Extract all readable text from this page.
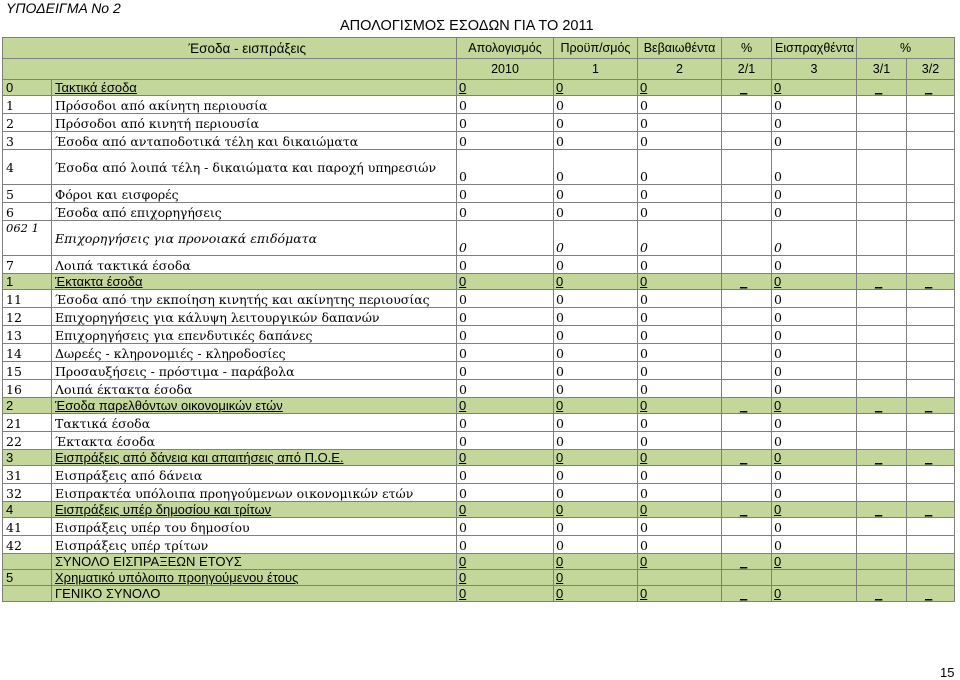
ΥΠΟΔΕΙΓΜΑ Νο 2
ΑΠΟΛΟΓΙΣΜΟΣ ΕΣΟΔΩΝ ΓΙΑ ΤΟ 2011
Έσοδα - εισπράξεις		Απολογισμός	Προϋπ/σμός	Βεβαιωθέντα	%	Εισπραχθέντα	%	
		2010	1	2	2/1	3	3/1	3/2
0	Τακτικά έσοδα	0	0	0	_	0	_	_
1	Πρόσοδοι από ακίνητη περιουσία	0	0	0		0		
2	Πρόσοδοι από κινητή περιουσία	0	0	0		0		
3	Έσοδα από ανταποδοτικά τέλη και δικαιώματα	0	0	0		0		
4	Έσοδα από λοιπά τέλη - δικαιώματα και παροχή υπηρεσιών	0	0	0		0		
5	Φόροι και εισφορές	0	0	0		0		
6	Έσοδα από επιχορηγήσεις	0	0	0		0		
062 1	Επιχορηγήσεις για προνοιακά επιδόματα	0	0	0		0		
7	Λοιπά τακτικά έσοδα	0	0	0		0		
1	Έκτακτα έσοδα	0	0	0	_	0	_	_
11	Έσοδα από την εκποίηση κινητής και ακίνητης περιουσίας	0	0	0		0		
12	Επιχορηγήσεις για κάλυψη λειτουργικών δαπανών	0	0	0		0		
13	Επιχορηγήσεις για επενδυτικές δαπάνες	0	0	0		0		
14	Δωρεές - κληρονομιές - κληροδοσίες	0	0	0		0		
15	Προσαυξήσεις - πρόστιμα - παράβολα	0	0	0		0		
16	Λοιπά έκτακτα έσοδα	0	0	0		0		
2	Έσοδα παρελθόντων οικονομικών ετών	0	0	0	_	0	_	_
21	Τακτικά έσοδα	0	0	0		0		
22	Έκτακτα έσοδα	0	0	0		0		
3	Εισπράξεις από δάνεια και απαιτήσεις από Π.Ο.Ε.	0	0	0	_	0	_	_
31	Εισπράξεις από δάνεια	0	0	0		0		
32	Εισπρακτέα υπόλοιπα προηγούμενων οικονομικών ετών	0	0	0		0		
4	Εισπράξεις υπέρ δημοσίου και τρίτων	0	0	0	_	0	_	_
41	Εισπράξεις υπέρ του δημοσίου	0	0	0		0		
42	Εισπράξεις υπέρ τρίτων	0	0	0		0		
	ΣΥΝΟΛΟ ΕΙΣΠΡΑΞΕΩΝ ΕΤΟΥΣ	0	0	0	_	0		
5	Χρηματικό υπόλοιπο προηγούμενου έτους	0	0					
	ΓΕΝΙΚΟ ΣΥΝΟΛΟ	0	0	0	_	0	_	_
15
